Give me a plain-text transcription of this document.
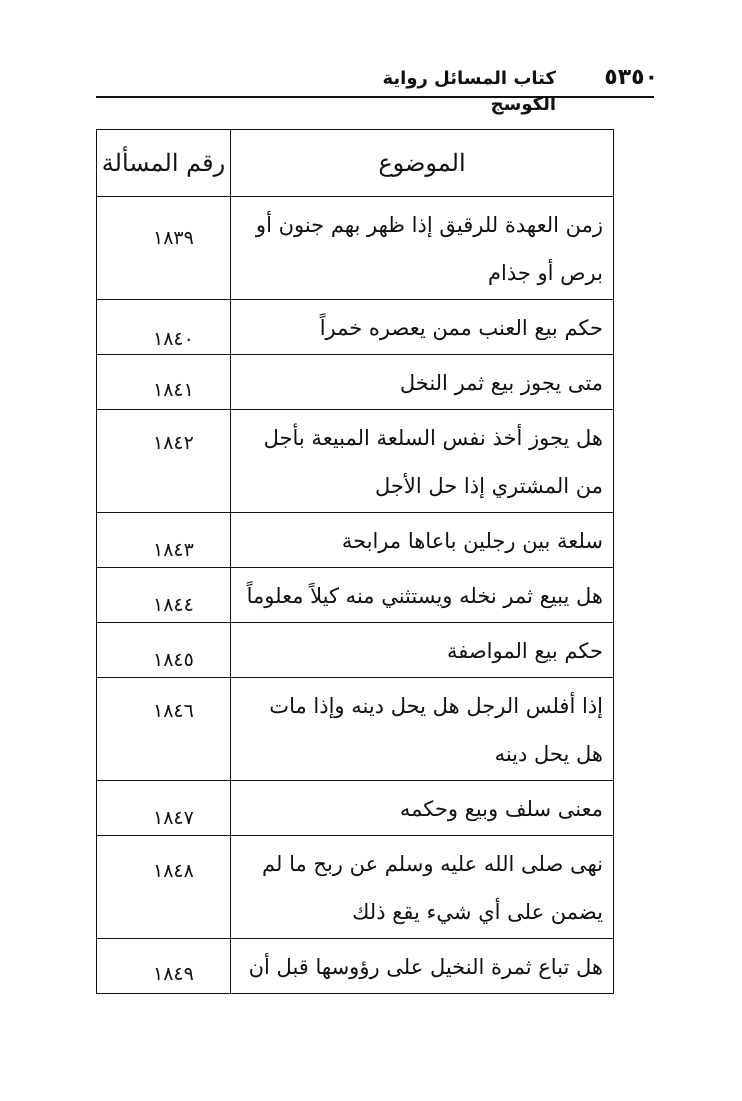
٥٣٥٠
كتاب المسائل رواية الكوسج
الموضوع	رقم المسألة
زمن العهدة للرقيق إذا ظهر بهم جنون أو برص أو جذام	١٨٣٩

حكم بيع العنب ممن يعصره خمراً	١٨٤٠

متى يجوز بيع ثمر النخل	١٨٤١

هل يجوز أخذ نفس السلعة المبيعة بأجل من المشتري إذا حل الأجل	١٨٤٢

سلعة بين رجلين باعاها مرابحة	١٨٤٣

هل يبيع ثمر نخله ويستثني منه كيلاً معلوماً	١٨٤٤

حكم بيع المواصفة	١٨٤٥

إذا أفلس الرجل هل يحل دينه وإذا مات هل يحل دينه	١٨٤٦

معنى سلف وبيع وحكمه	١٨٤٧

نهى صلى الله عليه وسلم عن ربح ما لم يضمن على أي شيء يقع ذلك	١٨٤٨

هل تباع ثمرة النخيل على رؤوسها قبل أن	١٨٤٩
